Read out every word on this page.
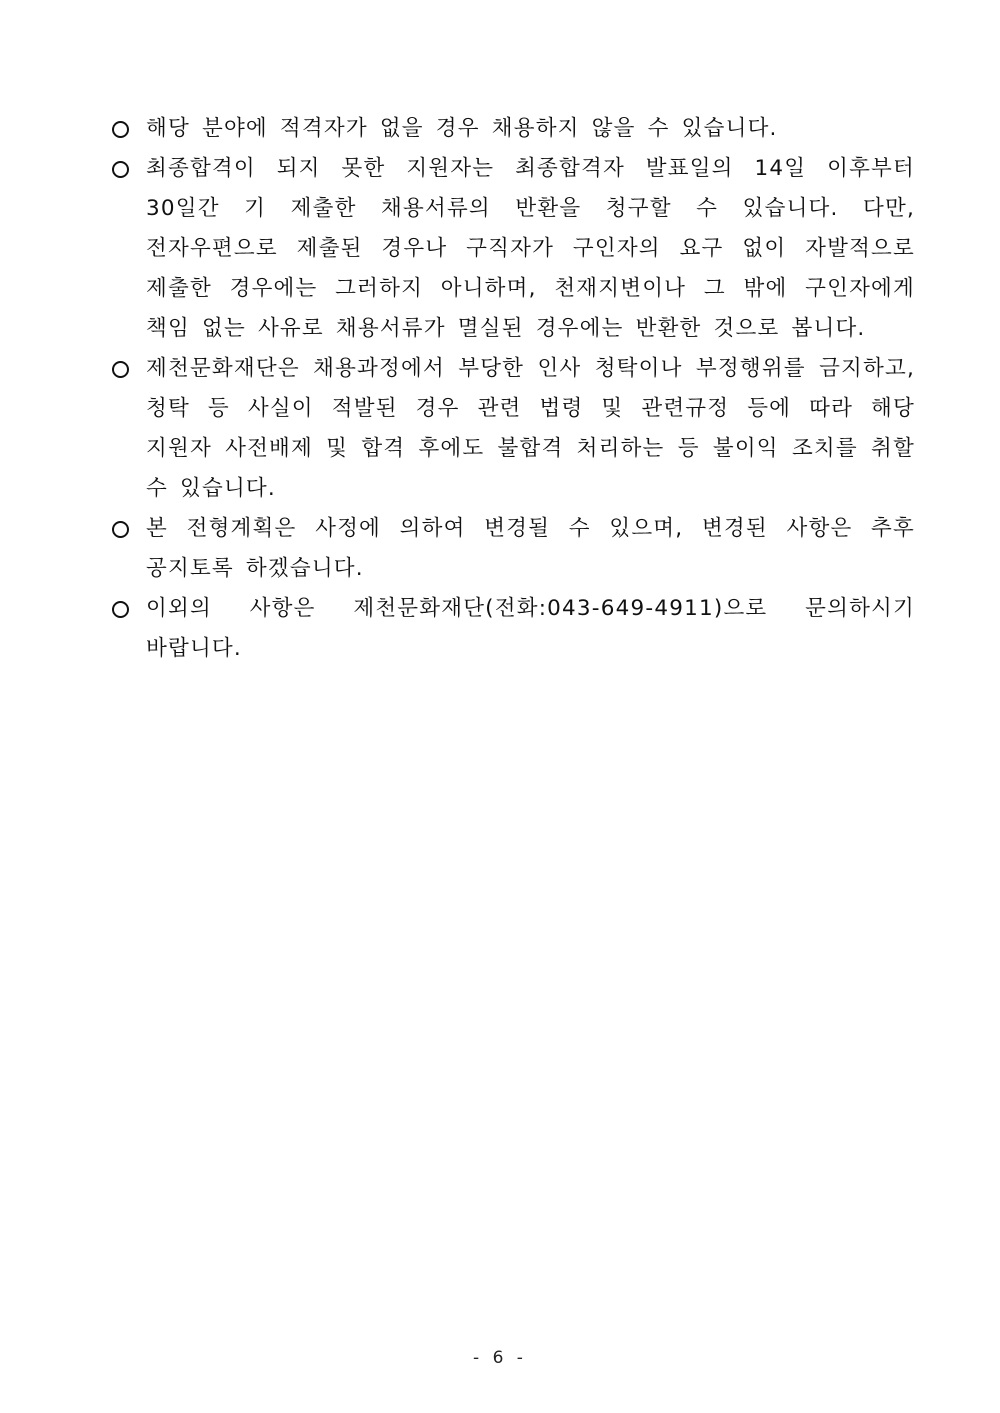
해당 분야에 적격자가 없을 경우 채용하지 않을 수 있습니다.
최종합격이 되지 못한 지원자는 최종합격자 발표일의 14일 이후부터 30일간 기 제출한 채용서류의 반환을 청구할 수 있습니다. 다만, 전자우편으로 제출된 경우나 구직자가 구인자의 요구 없이 자발적으로 제출한 경우에는 그러하지 아니하며, 천재지변이나 그 밖에 구인자에게 책임 없는 사유로 채용서류가 멸실된 경우에는 반환한 것으로 봅니다.
제천문화재단은 채용과정에서 부당한 인사 청탁이나 부정행위를 금지하고, 청탁 등 사실이 적발된 경우 관련 법령 및 관련규정 등에 따라 해당 지원자 사전배제 및 합격 후에도 불합격 처리하는 등 불이익 조치를 취할 수 있습니다.
본 전형계획은 사정에 의하여 변경될 수 있으며, 변경된 사항은 추후 공지토록 하겠습니다.
이외의 사항은 제천문화재단(전화:043-649-4911)으로 문의하시기 바랍니다.
- 6 -
